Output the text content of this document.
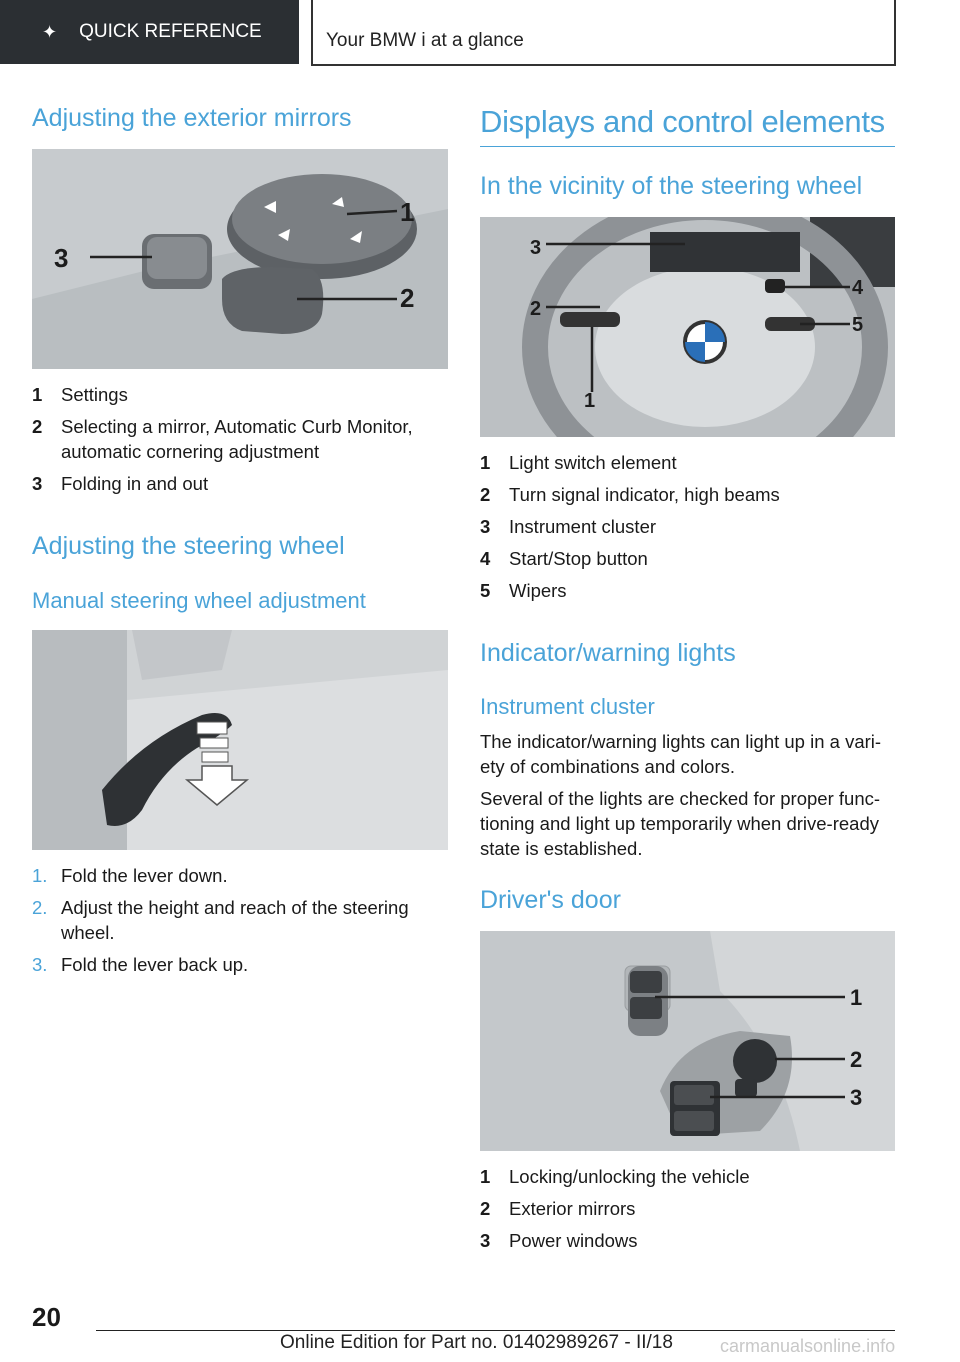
✦ QUICK REFERENCE	Your BMW i at a glance
Adjusting the exterior mirrors
3
1
2
1	Settings
2	Selecting a mirror, Automatic Curb Monitor, automatic cornering adjustment
3	Folding in and out
Adjusting the steering wheel
Manual steering wheel adjustment
1. Fold the lever down.
2. Adjust the height and reach of the steering wheel.
3. Fold the lever back up.
Displays and control elements
In the vicinity of the steering wheel
3
2
1
4
5
1	Light switch element
2	Turn signal indicator, high beams
3	Instrument cluster
4	Start/Stop button
5	Wipers
Indicator/warning lights
Instrument cluster

The indicator/warning lights can light up in a vari‐ ety of combinations and colors.

Several of the lights are checked for proper func‐ tioning and light up temporarily when drive-ready state is established.

Driver's door
1
2
3
1	Locking/unlocking the vehicle
2	Exterior mirrors
3	Power windows
20
Online Edition for Part no. 01402989267 - II/18	carmanualsonline.info
